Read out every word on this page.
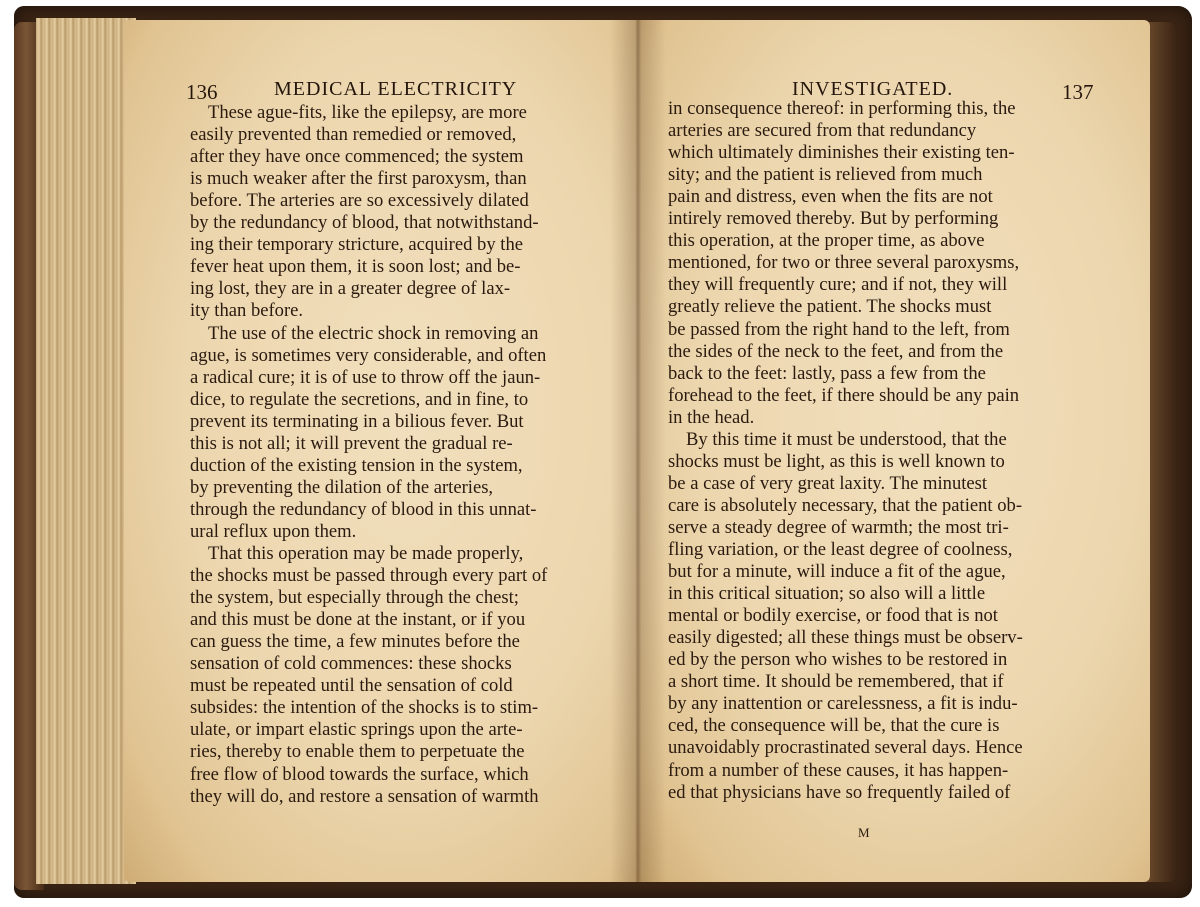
136	MEDICAL ELECTRICITY
These ague-fits, like the epilepsy, are more
easily prevented than remedied or removed,
after they have once commenced; the system
is much weaker after the first paroxysm, than
before. The arteries are so excessively dilated
by the redundancy of blood, that notwithstand-
ing their temporary stricture, acquired by the
fever heat upon them, it is soon lost; and be-
ing lost, they are in a greater degree of lax-
ity than before.
The use of the electric shock in removing an
ague, is sometimes very considerable, and often
a radical cure; it is of use to throw off the jaun-
dice, to regulate the secretions, and in fine, to
prevent its terminating in a bilious fever. But
this is not all; it will prevent the gradual re-
duction of the existing tension in the system,
by preventing the dilation of the arteries,
through the redundancy of blood in this unnat-
ural reflux upon them.
That this operation may be made properly,
the shocks must be passed through every part of
the system, but especially through the chest;
and this must be done at the instant, or if you
can guess the time, a few minutes before the
sensation of cold commences: these shocks
must be repeated until the sensation of cold
subsides: the intention of the shocks is to stim-
ulate, or impart elastic springs upon the arte-
ries, thereby to enable them to perpetuate the
free flow of blood towards the surface, which
they will do, and restore a sensation of warmth
INVESTIGATED.	137
in consequence thereof: in performing this, the
arteries are secured from that redundancy
which ultimately diminishes their existing ten-
sity; and the patient is relieved from much
pain and distress, even when the fits are not
intirely removed thereby. But by performing
this operation, at the proper time, as above
mentioned, for two or three several paroxysms,
they will frequently cure; and if not, they will
greatly relieve the patient. The shocks must
be passed from the right hand to the left, from
the sides of the neck to the feet, and from the
back to the feet: lastly, pass a few from the
forehead to the feet, if there should be any pain
in the head.
By this time it must be understood, that the
shocks must be light, as this is well known to
be a case of very great laxity. The minutest
care is absolutely necessary, that the patient ob-
serve a steady degree of warmth; the most tri-
fling variation, or the least degree of coolness,
but for a minute, will induce a fit of the ague,
in this critical situation; so also will a little
mental or bodily exercise, or food that is not
easily digested; all these things must be observ-
ed by the person who wishes to be restored in
a short time. It should be remembered, that if
by any inattention or carelessness, a fit is indu-
ced, the consequence will be, that the cure is
unavoidably procrastinated several days. Hence
from a number of these causes, it has happen-
ed that physicians have so frequently failed of
M
